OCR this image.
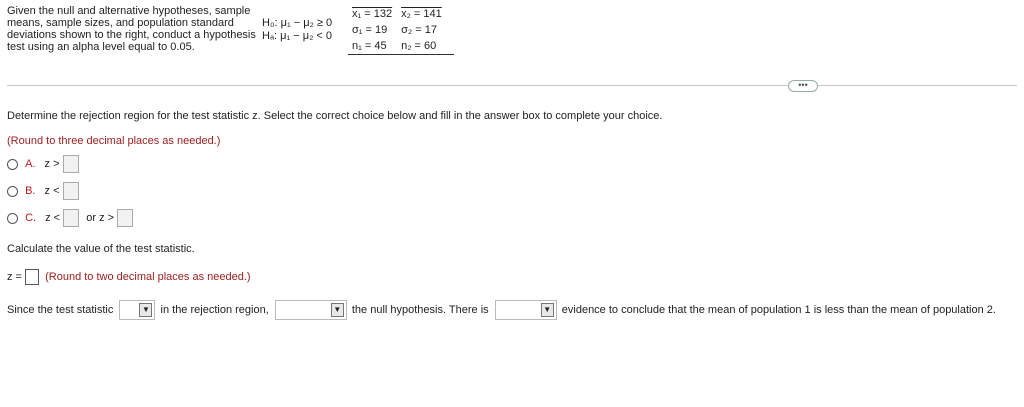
Given the null and alternative hypotheses, sample
means, sample sizes, and population standard
deviations shown to the right, conduct a hypothesis
test using an alpha level equal to 0.05.
H₀: μ₁ − μ₂ ≥ 0
Hₐ: μ₁ − μ₂ < 0
x₁ = 132	x₂ = 141
σ₁ = 19	σ₂ = 17
n₁ = 45	n₂ = 60
•••
Determine the rejection region for the test statistic z. Select the correct choice below and fill in the answer box to complete your choice.
(Round to three decimal places as needed.)
A. z >
B. z <
C. z < or z >
Calculate the value of the test statistic.
z = (Round to two decimal places as needed.)
Since the test statistic	▼ in the rejection region,	▼ the null hypothesis. There is	▼ evidence to conclude that the mean of population 1 is less than the mean of population 2.
